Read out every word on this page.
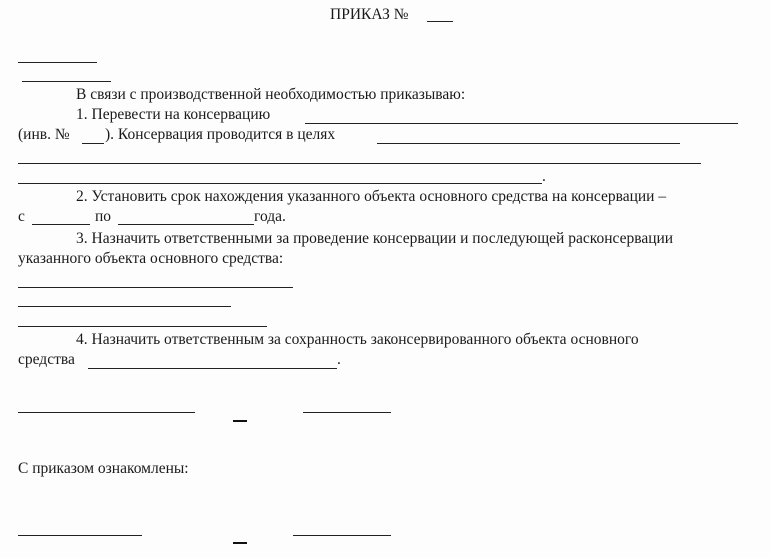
ПРИКАЗ №
В связи с производственной необходимостью приказываю:
1. Перевести на консервацию
(инв. № ). Консервация проводится в целях
.
2. Установить срок нахождения указанного объекта основного средства на консервации –
с	по	года.
3. Назначить ответственными за проведение консервации и последующей расконсервации
указанного объекта основного средства:
4. Назначить ответственным за сохранность законсервированного объекта основного
средства	.
С приказом ознакомлены:
